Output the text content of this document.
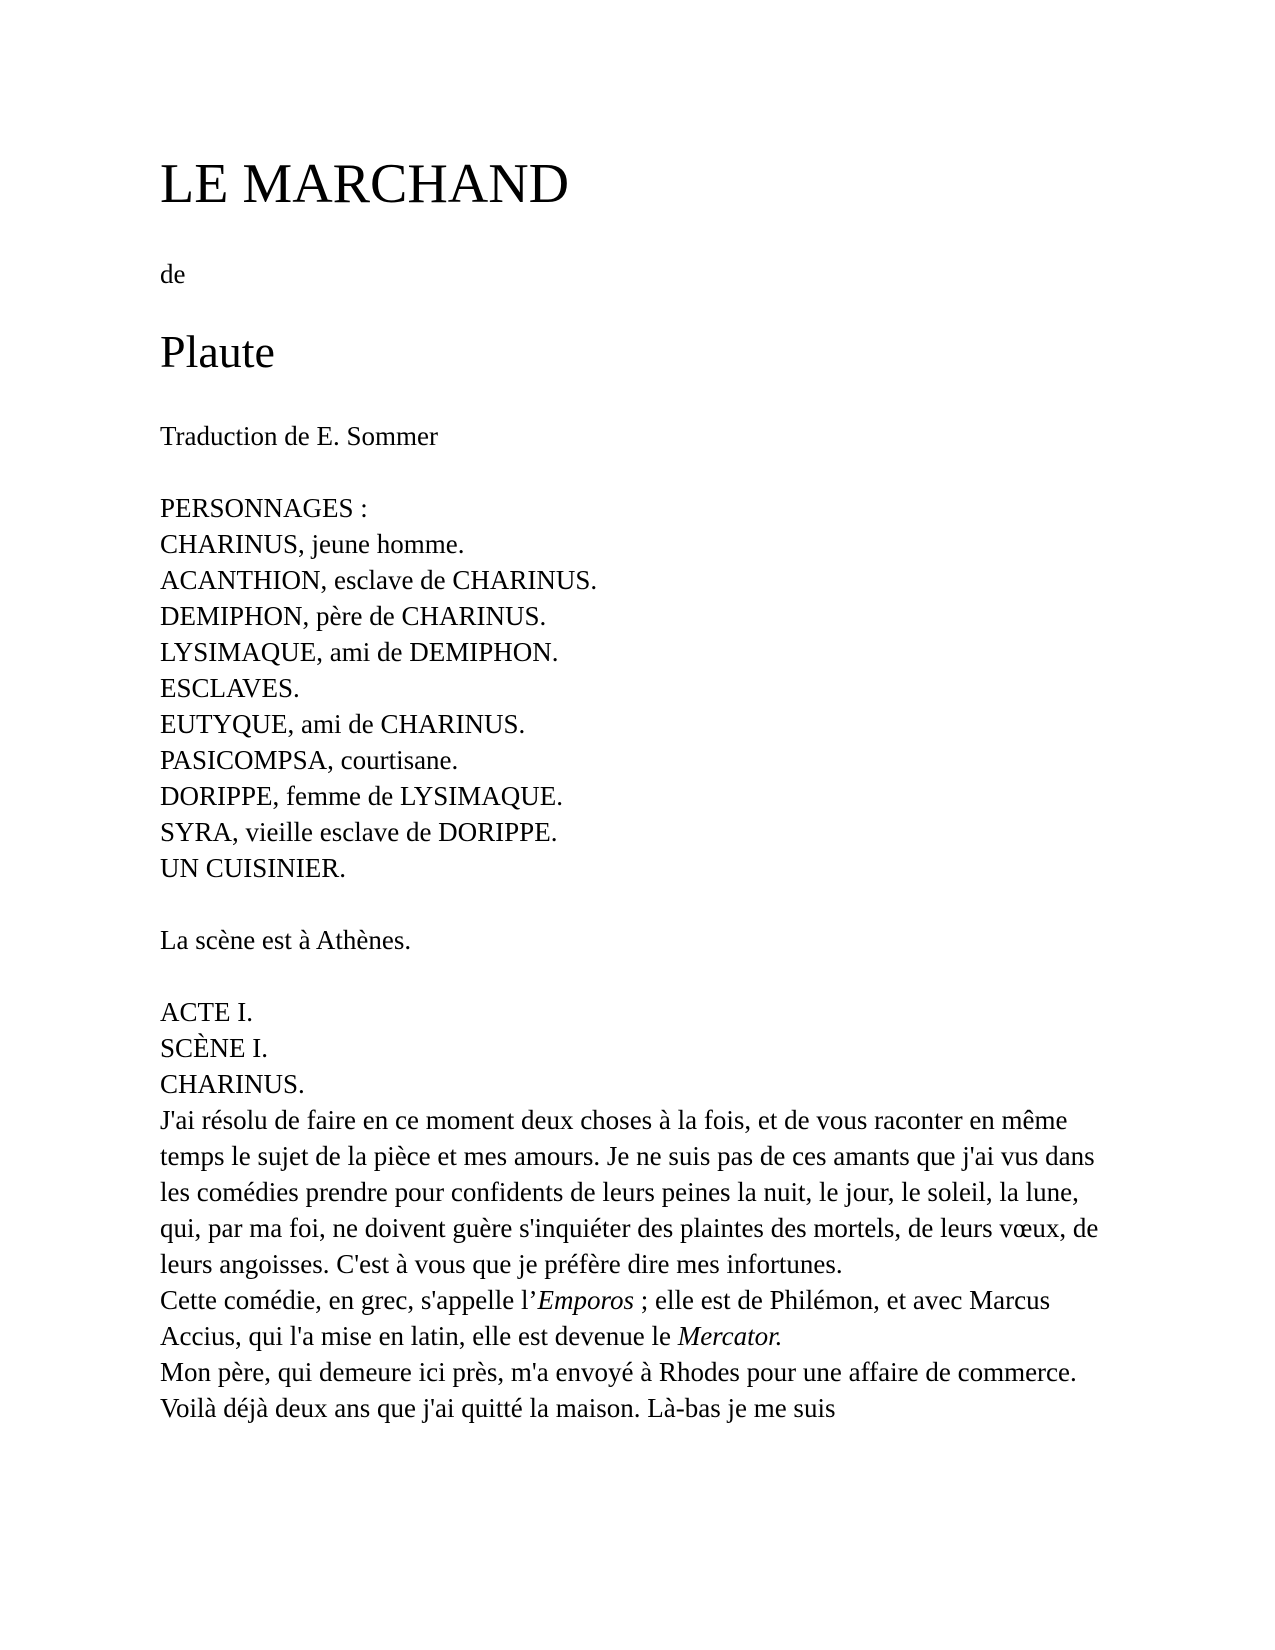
LE MARCHAND
de
Plaute
Traduction de E. Sommer
PERSONNAGES :
CHARINUS, jeune homme.
ACANTHION, esclave de CHARINUS.
DEMIPHON, père de CHARINUS.
LYSIMAQUE, ami de DEMIPHON.
ESCLAVES.
EUTYQUE, ami de CHARINUS.
PASICOMPSA, courtisane.
DORIPPE, femme de LYSIMAQUE.
SYRA, vieille esclave de DORIPPE.
UN CUISINIER.
La scène est à Athènes.
ACTE I.
SCÈNE I.
CHARINUS.
J'ai résolu de faire en ce moment deux choses à la fois, et de vous raconter en même temps le sujet de la pièce et mes amours. Je ne suis pas de ces amants que j'ai vus dans les comédies prendre pour confidents de leurs peines la nuit, le jour, le soleil, la lune, qui, par ma foi, ne doivent guère s'inquiéter des plaintes des mortels, de leurs vœux, de leurs angoisses. C'est à vous que je préfère dire mes infortunes.
Cette comédie, en grec, s'appelle l’Emporos ; elle est de Philémon, et avec Marcus Accius, qui l'a mise en latin, elle est devenue le Mercator.
Mon père, qui demeure ici près, m'a envoyé à Rhodes pour une affaire de commerce. Voilà déjà deux ans que j'ai quitté la maison. Là-bas je me suis
